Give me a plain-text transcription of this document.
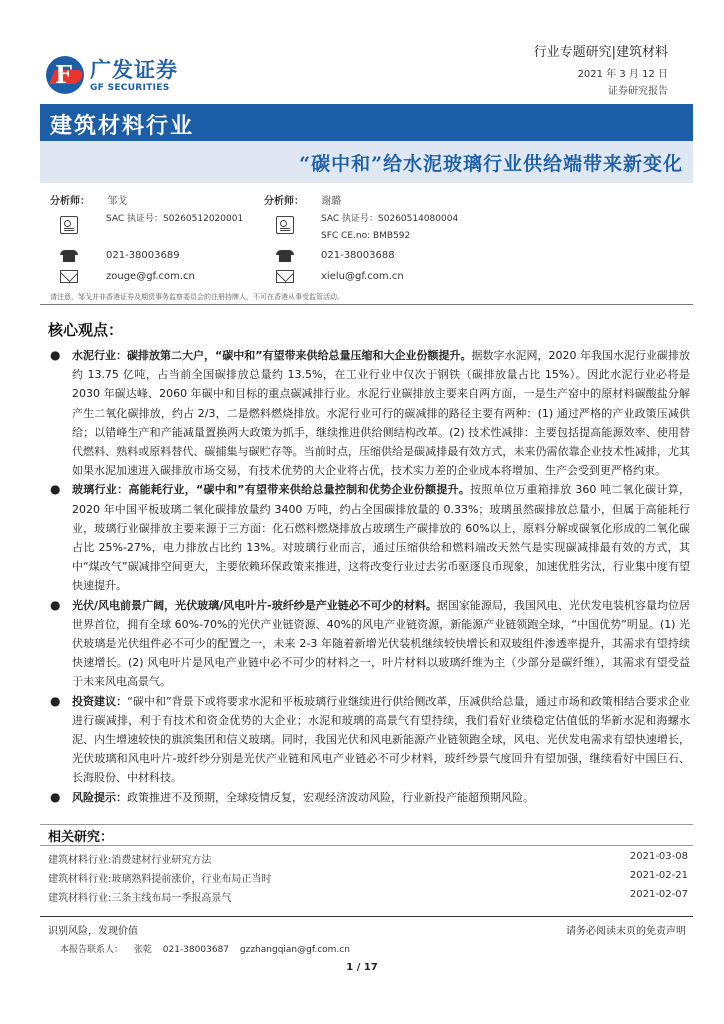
F 广发证券
GF SECURITIES
行业专题研究|建筑材料
2021 年 3 月 12 日
证券研究报告
建筑材料行业
“碳中和”给水泥玻璃行业供给端带来新变化
分析师： 邹戈
SAC 执证号：S0260512020001
021-38003689
zouge@gf.com.cn
分析师： 谢璐
SAC 执证号：S0260514080004
SFC CE.no: BMB592
021-38003688
xielu@gf.com.cn
请注意，邹戈并非香港证券及期货事务监察委员会的注册持牌人，不可在香港从事受监管活动。
核心观点：

● 水泥行业：碳排放第二大户，“碳中和”有望带来供给总量压缩和大企业份额提升。据数字水泥网，2020 年我国水泥行业碳排放约 13.75 亿吨，占当前全国碳排放总量约 13.5%，在工业行业中仅次于钢铁（碳排放量占比 15%）。因此水泥行业必将是 2030 年碳达峰、2060 年碳中和目标的重点碳减排行业。水泥行业碳排放主要来自两方面，一是生产窑中的原材料碳酸盐分解产生二氧化碳排放，约占 2/3，二是燃料燃烧排放。水泥行业可行的碳减排的路径主要有两种：(1) 通过严格的产业政策压减供给；以错峰生产和产能减量置换两大政策为抓手，继续推进供给侧结构改革。(2) 技术性减排：主要包括提高能源效率、使用替代燃料、熟料或原料替代、碳捕集与碳贮存等。当前时点，压缩供给是碳减排最有效方式，未来仍需依靠企业技术性减排，尤其如果水泥加速进入碳排放市场交易，有技术优势的大企业将占优，技术实力差的企业成本将增加、生产会受到更严格约束。

● 玻璃行业：高能耗行业，“碳中和”有望带来供给总量控制和优势企业份额提升。按照单位万重箱排放 360 吨二氧化碳计算，2020 年中国平板玻璃二氧化碳排放量约 3400 万吨，约占全国碳排放量的 0.33%；玻璃虽然碳排放总量小，但属于高能耗行业，玻璃行业碳排放主要来源于三方面：化石燃料燃烧排放占玻璃生产碳排放的 60%以上，原料分解或碳氧化形成的二氧化碳占比 25%-27%，电力排放占比约 13%。对玻璃行业而言，通过压缩供给和燃料端改天然气是实现碳减排最有效的方式，其中“煤改气”碳减排空间更大，主要依赖环保政策来推进，这将改变行业过去劣币驱逐良币现象，加速优胜劣汰，行业集中度有望快速提升。

● 光伏/风电前景广阔，光伏玻璃/风电叶片-玻纤纱是产业链必不可少的材料。据国家能源局，我国风电、光伏发电装机容量均位居世界首位，拥有全球 60%-70%的光伏产业链资源、40%的风电产业链资源，新能源产业链领跑全球，“中国优势”明显。(1) 光伏玻璃是光伏组件必不可少的配置之一，未来 2-3 年随着新增光伏装机继续较快增长和双玻组件渗透率提升，其需求有望持续快速增长。(2) 风电叶片是风电产业链中必不可少的材料之一，叶片材料以玻璃纤维为主（少部分是碳纤维），其需求有望受益于未来风电高景气。

● 投资建议：“碳中和”背景下或将要求水泥和平板玻璃行业继续进行供给侧改革，压减供给总量，通过市场和政策相结合要求企业进行碳减排，利于有技术和资金优势的大企业；水泥和玻璃的高景气有望持续，我们看好业绩稳定估值低的华新水泥和海螺水泥、内生增速较快的旗滨集团和信义玻璃。同时，我国光伏和风电新能源产业链领跑全球，风电、光伏发电需求有望快速增长，光伏玻璃和风电叶片-玻纤纱分别是光伏产业链和风电产业链必不可少材料，玻纤纱景气度回升有望加强，继续看好中国巨石、长海股份、中材科技。

● 风险提示：政策推进不及预期，全球疫情反复，宏观经济波动风险，行业新投产能超预期风险。

相关研究：
建筑材料行业:消费建材行业研究方法	2021-03-08
建筑材料行业:玻璃熟料提前涨价，行业布局正当时	2021-02-21
建筑材料行业:三条主线布局一季报高景气	2021-02-07
识别风险，发现价值	请务必阅读末页的免责声明
本报告联系人： 张乾 021-38003687 gzzhangqian@gf.com.cn
1 / 17
